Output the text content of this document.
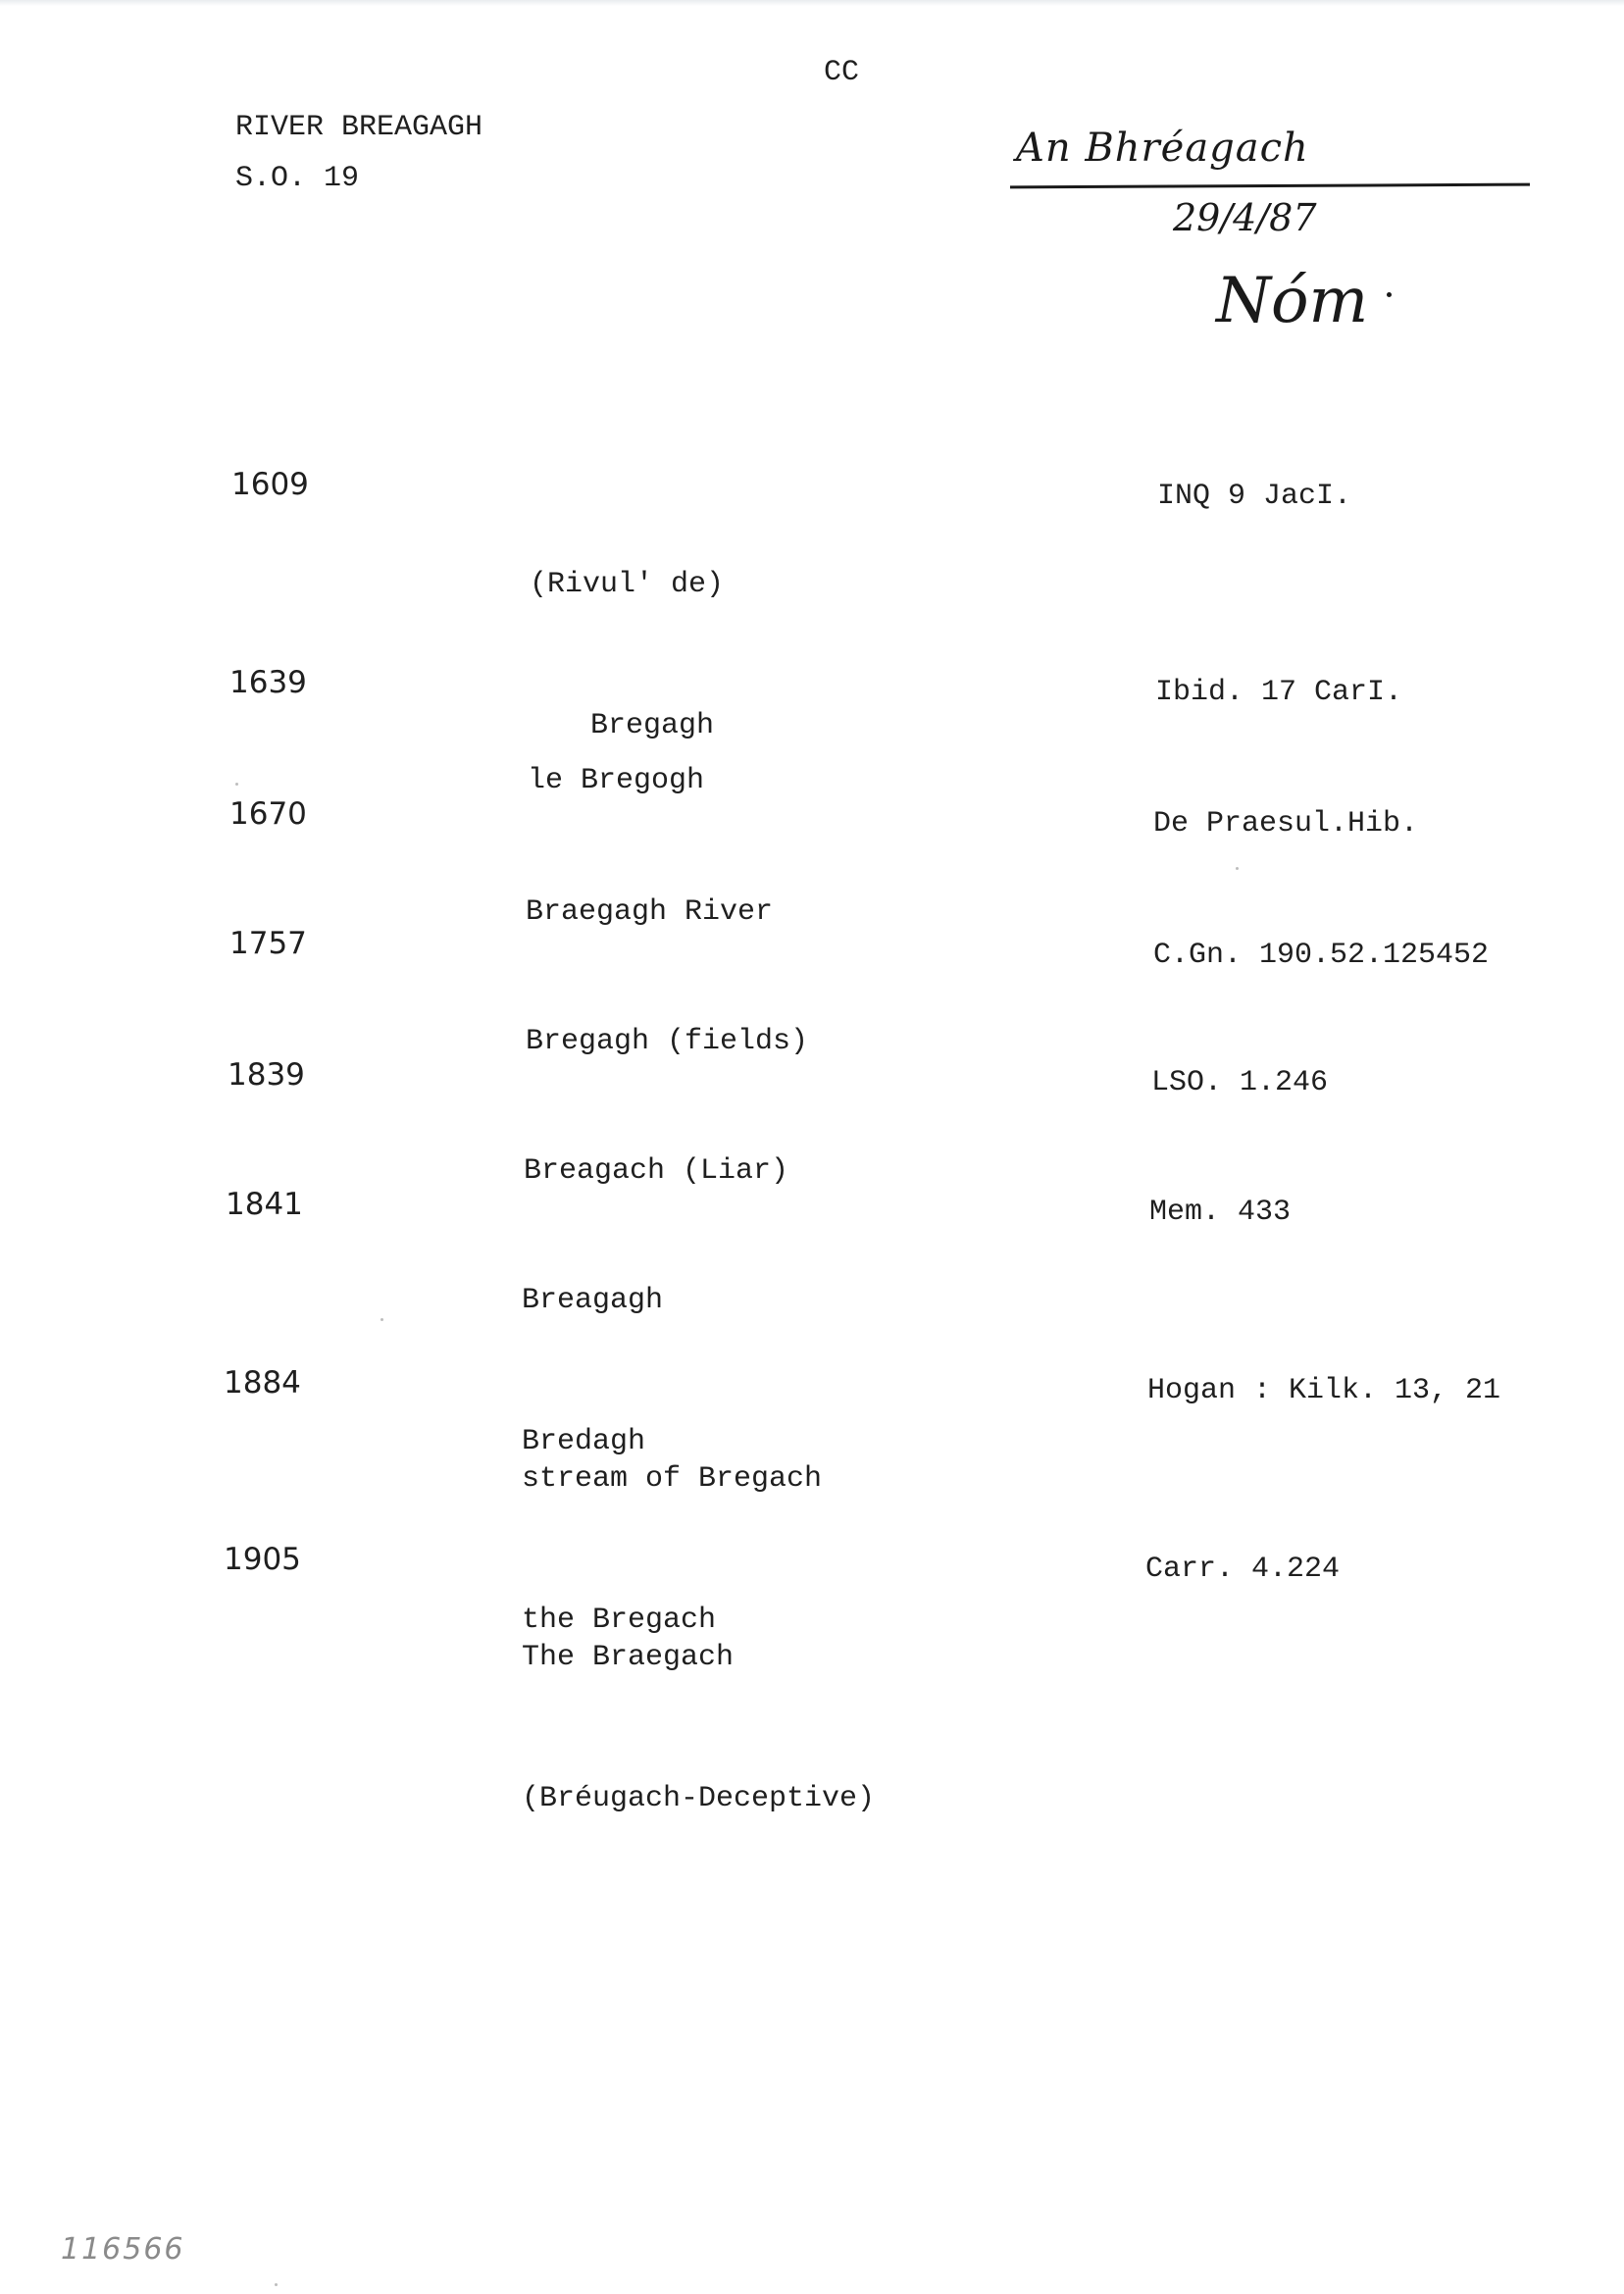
CC
RIVER BREAGAGH
S.O. 19
An Bhréagach
29/4/87
Nóm
1609

(Rivul' de)

Bregagh

INQ 9 JacI.
1639

le Bregogh

Ibid. 17 CarI.
1670

Braegagh River

De Praesul.Hib.
1757

Bregagh (fields)

C.Gn. 190.52.125452
1839

Breagach (Liar)

LSO. 1.246
1841

Breagagh

Bredagh

Mem. 433
1884

stream of Bregach

the Bregach

Hogan : Kilk. 13, 21
1905

The Braegach

(Bréugach-Deceptive)

Carr. 4.224
116566
